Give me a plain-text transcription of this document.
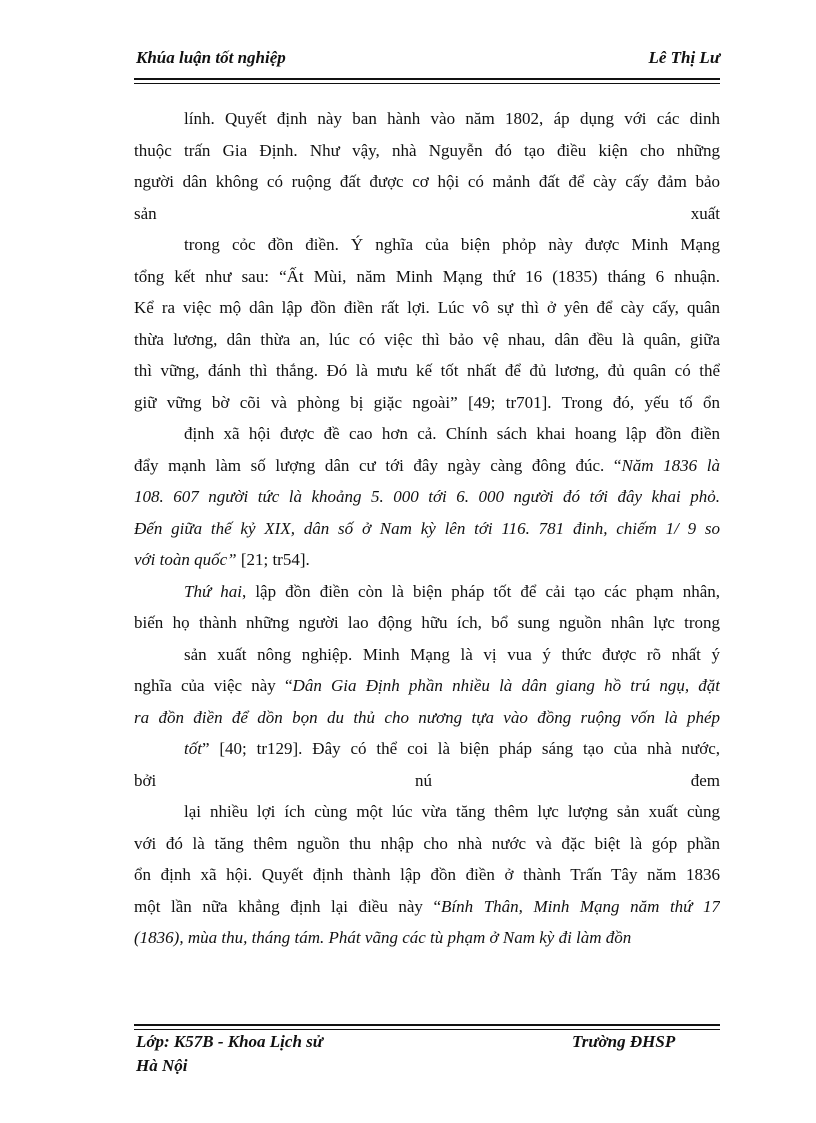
Khúa luận tốt nghiệp	Lê Thị Lư
lính. Quyết định này ban hành vào năm 1802, áp dụng với các dinh
thuộc trấn Gia Định. Như vậy, nhà Nguyễn đó tạo điều kiện cho những
người dân không có ruộng đất được cơ hội có mảnh đất để cày cấy đảm bảo
sản	xuất
trong cỏc đồn điền. Ý nghĩa của biện phỏp này được Minh Mạng
tổng kết như sau: “Ất Mùi, năm Minh Mạng thứ 16 (1835) tháng 6 nhuận.
Kể ra việc mộ dân lập đồn điền rất lợi. Lúc vô sự thì ở yên để cày cấy, quân
thừa lương, dân thừa an, lúc có việc thì bảo vệ nhau, dân đều là quân, giữa
thì vững, đánh thì thắng. Đó là mưu kế tốt nhất để đủ lương, đủ quân có thể
giữ vững bờ cõi và phòng bị giặc ngoài” [49; tr701]. Trong đó, yếu tố ổn
định xã hội được đề cao hơn cả. Chính sách khai hoang lập đồn điền
đẩy mạnh làm số lượng dân cư tới đây ngày càng đông đúc. “Năm 1836 là
108. 607 người tức là khoảng 5. 000 tới 6. 000 người đó tới đây khai phỏ.
Đến giữa thế kỷ XIX, dân số ở Nam kỳ lên tới 116. 781 đinh, chiếm 1/ 9 so
với toàn quốc” [21; tr54].
Thứ hai, lập đồn điền còn là biện pháp tốt để cải tạo các phạm nhân,
biến họ thành những người lao động hữu ích, bổ sung nguồn nhân lực trong
sản xuất nông nghiệp. Minh Mạng là vị vua ý thức được rõ nhất ý
nghĩa của việc này “Dân Gia Định phần nhiều là dân giang hồ trú ngụ, đặt
ra đồn điền để dồn bọn du thủ cho nương tựa vào đồng ruộng vốn là phép
tốt” [40; tr129]. Đây có thể coi là biện pháp sáng tạo của nhà nước,
bởi	nú	đem
lại nhiều lợi ích cùng một lúc vừa tăng thêm lực lượng sản xuất cùng
với đó là tăng thêm nguồn thu nhập cho nhà nước và đặc biệt là góp phần
ổn định xã hội. Quyết định thành lập đồn điền ở thành Trấn Tây năm 1836
một lần nữa khẳng định lại điều này “Bính Thân, Minh Mạng năm thứ 17
(1836), mùa thu, tháng tám. Phát vãng các tù phạm ở Nam kỳ đi làm đồn
Lớp: K57B - Khoa Lịch sử	Trường ĐHSP
Hà Nội
